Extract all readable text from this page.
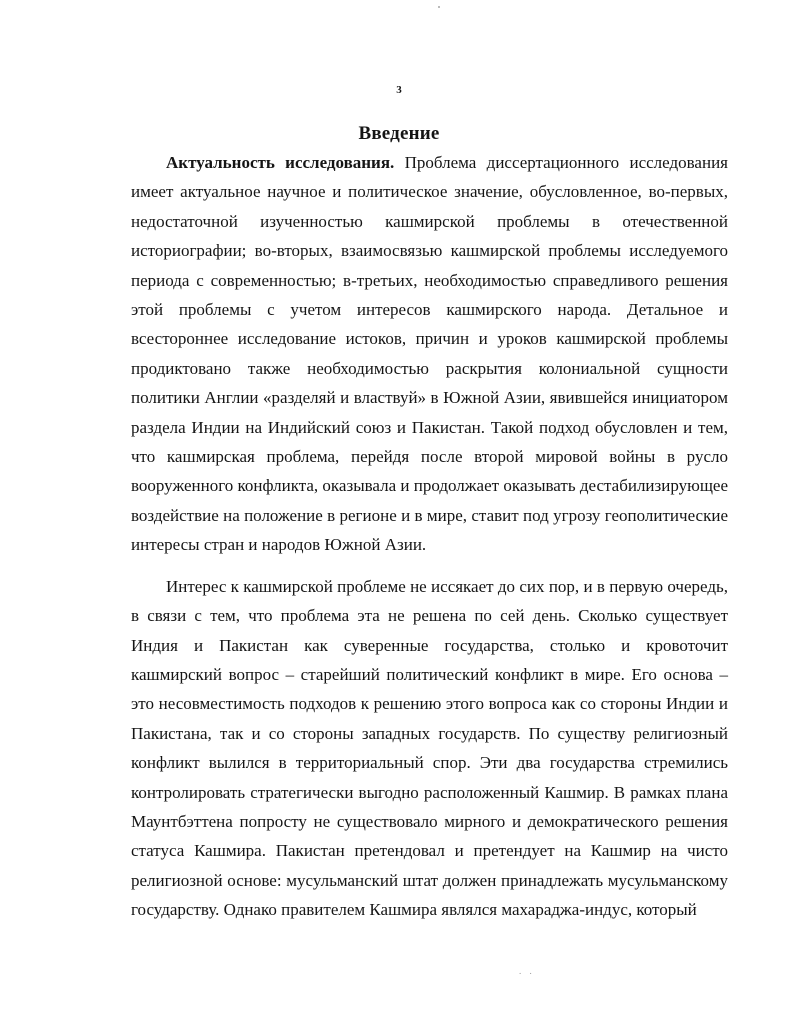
3
Введение

Актуальность исследования. Проблема диссертационного исследования имеет актуальное научное и политическое значение, обусловленное, во-первых, недостаточной изученностью кашмирской проблемы в отечественной историографии; во-вторых, взаимосвязью кашмирской проблемы исследуемого периода с современностью; в-третьих, необходимостью справедливого решения этой проблемы с учетом интересов кашмирского народа. Детальное и всестороннее исследование истоков, причин и уроков кашмирской проблемы продиктовано также необходимостью раскрытия колониальной сущности политики Англии «разделяй и властвуй» в Южной Азии, явившейся инициатором раздела Индии на Индийский союз и Пакистан. Такой подход обусловлен и тем, что кашмирская проблема, перейдя после второй мировой войны в русло вооруженного конфликта, оказывала и продолжает оказывать дестабилизирующее воздействие на положение в регионе и в мире, ставит под угрозу геополитические интересы стран и народов Южной Азии.

Интерес к кашмирской проблеме не иссякает до сих пор, и в первую очередь, в связи с тем, что проблема эта не решена по сей день. Сколько существует Индия и Пакистан как суверенные государства, столько и кровоточит кашмирский вопрос – старейший политический конфликт в мире. Его основа – это несовместимость подходов к решению этого вопроса как со стороны Индии и Пакистана, так и со стороны западных государств. По существу религиозный конфликт вылился в территориальный спор. Эти два государства стремились контролировать стратегически выгодно расположенный Кашмир. В рамках плана Маунтбэттена попросту не существовало мирного и демократического решения статуса Кашмира. Пакистан претендовал и претендует на Кашмир на чисто религиозной основе: мусульманский штат должен принадлежать мусульманскому государству. Однако правителем Кашмира являлся махараджа-индус, который

. .
